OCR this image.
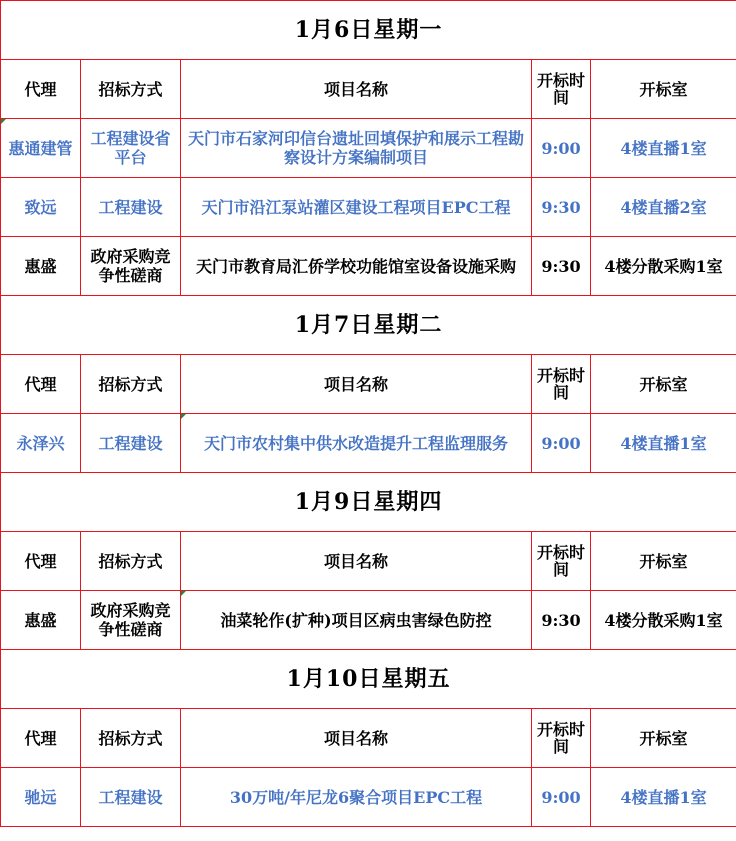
1月6日星期一				
代理	招标方式	项目名称	开标时间	开标室

惠通建管	工程建设省平台	天门市石家河印信台遗址回填保护和展示工程勘察设计方案编制项目	9:00	4楼直播1室
致远	工程建设	天门市沿江泵站灌区建设工程项目EPC工程	9:30	4楼直播2室
惠盛	政府采购竞争性磋商	天门市教育局汇侨学校功能馆室设备设施采购	9:30	4楼分散采购1室
1月7日星期二				
代理	招标方式	项目名称	开标时间	开标室
永泽兴	工程建设	天门市农村集中供水改造提升工程监理服务	9:00	4楼直播1室
1月9日星期四				
代理	招标方式	项目名称	开标时间	开标室
惠盛	政府采购竞争性磋商	油菜轮作(扩种)项目区病虫害绿色防控	9:30	4楼分散采购1室
1月10日星期五				
代理	招标方式	项目名称	开标时间	开标室
驰远	工程建设	30万吨/年尼龙6聚合项目EPC工程	9:00	4楼直播1室
